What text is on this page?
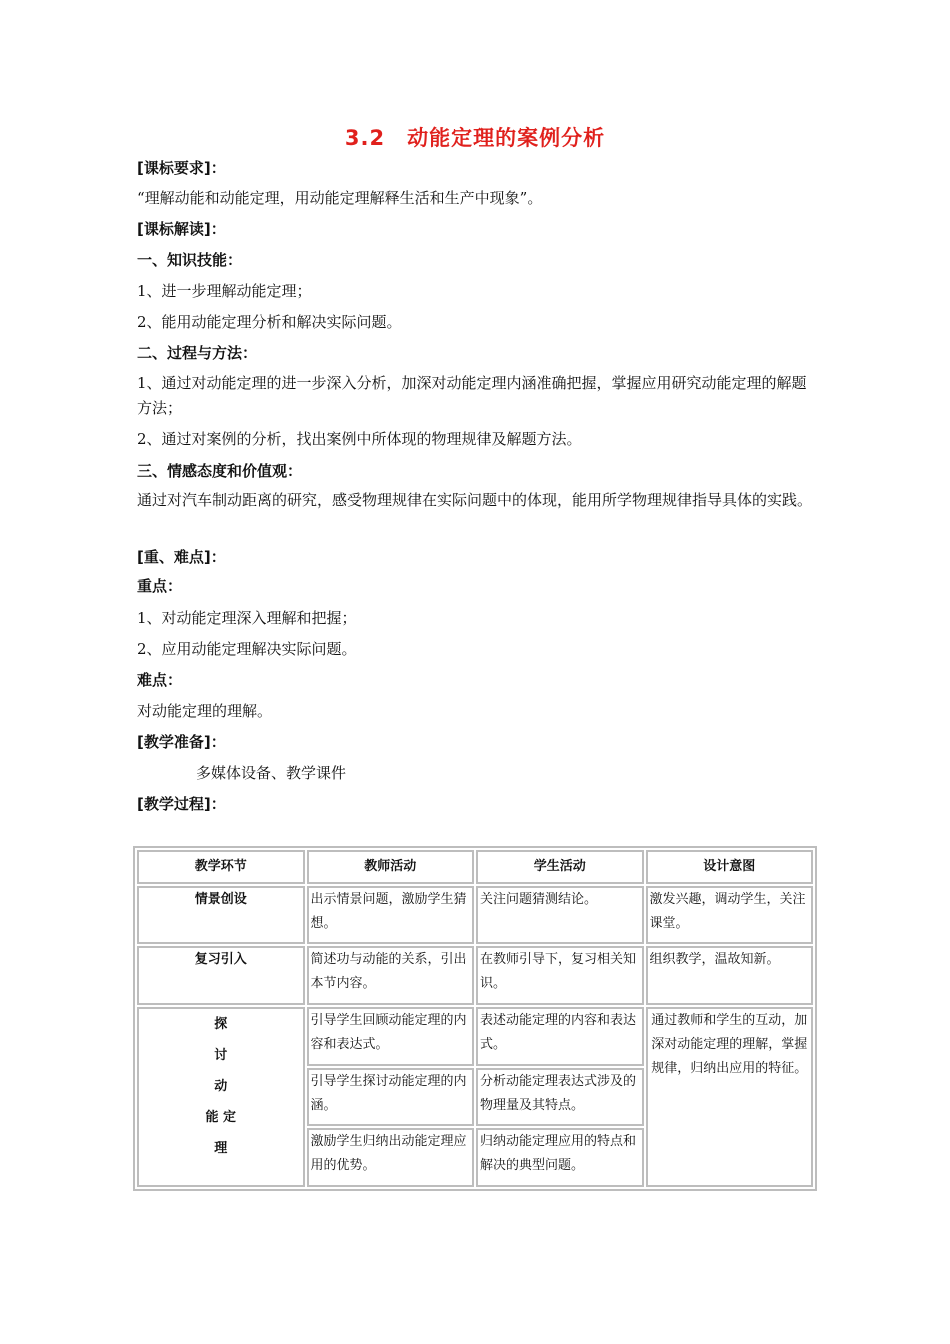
3.2　动能定理的案例分析
[课标要求]：
“理解动能和动能定理，用动能定理解释生活和生产中现象”。
[课标解读]：
一、知识技能：
1、进一步理解动能定理；
2、能用动能定理分析和解决实际问题。
二、过程与方法：
1、通过对动能定理的进一步深入分析，加深对动能定理内涵准确把握，掌握应用研究动能定理的解题方法；
2、通过对案例的分析，找出案例中所体现的物理规律及解题方法。
三、情感态度和价值观：
通过对汽车制动距离的研究，感受物理规律在实际问题中的体现，能用所学物理规律指导具体的实践。
[重、难点]：
重点：
1、对动能定理深入理解和把握；
2、应用动能定理解决实际问题。
难点：
对动能定理的理解。
[教学准备]：
多媒体设备、教学课件
[教学过程]：
教学环节	教师活动	学生活动	设计意图
情景创设	出示情景问题，激励学生猜想。	关注问题猜测结论。	激发兴趣，调动学生，关注课堂。
复习引入	简述功与动能的关系，引出本节内容。	在教师引导下，复习相关知识。	组织教学，温故知新。

探
讨
动
能 定
理	引导学生回顾动能定理的内容和表达式。	表述动能定理的内容和表达式。	通过教师和学生的互动，加深对动能定理的理解，掌握规律，归纳出应用的特征。
	引导学生探讨动能定理的内涵。	分析动能定理表达式涉及的物理量及其特点。	
	激励学生归纳出动能定理应用的优势。	归纳动能定理应用的特点和解决的典型问题。	
